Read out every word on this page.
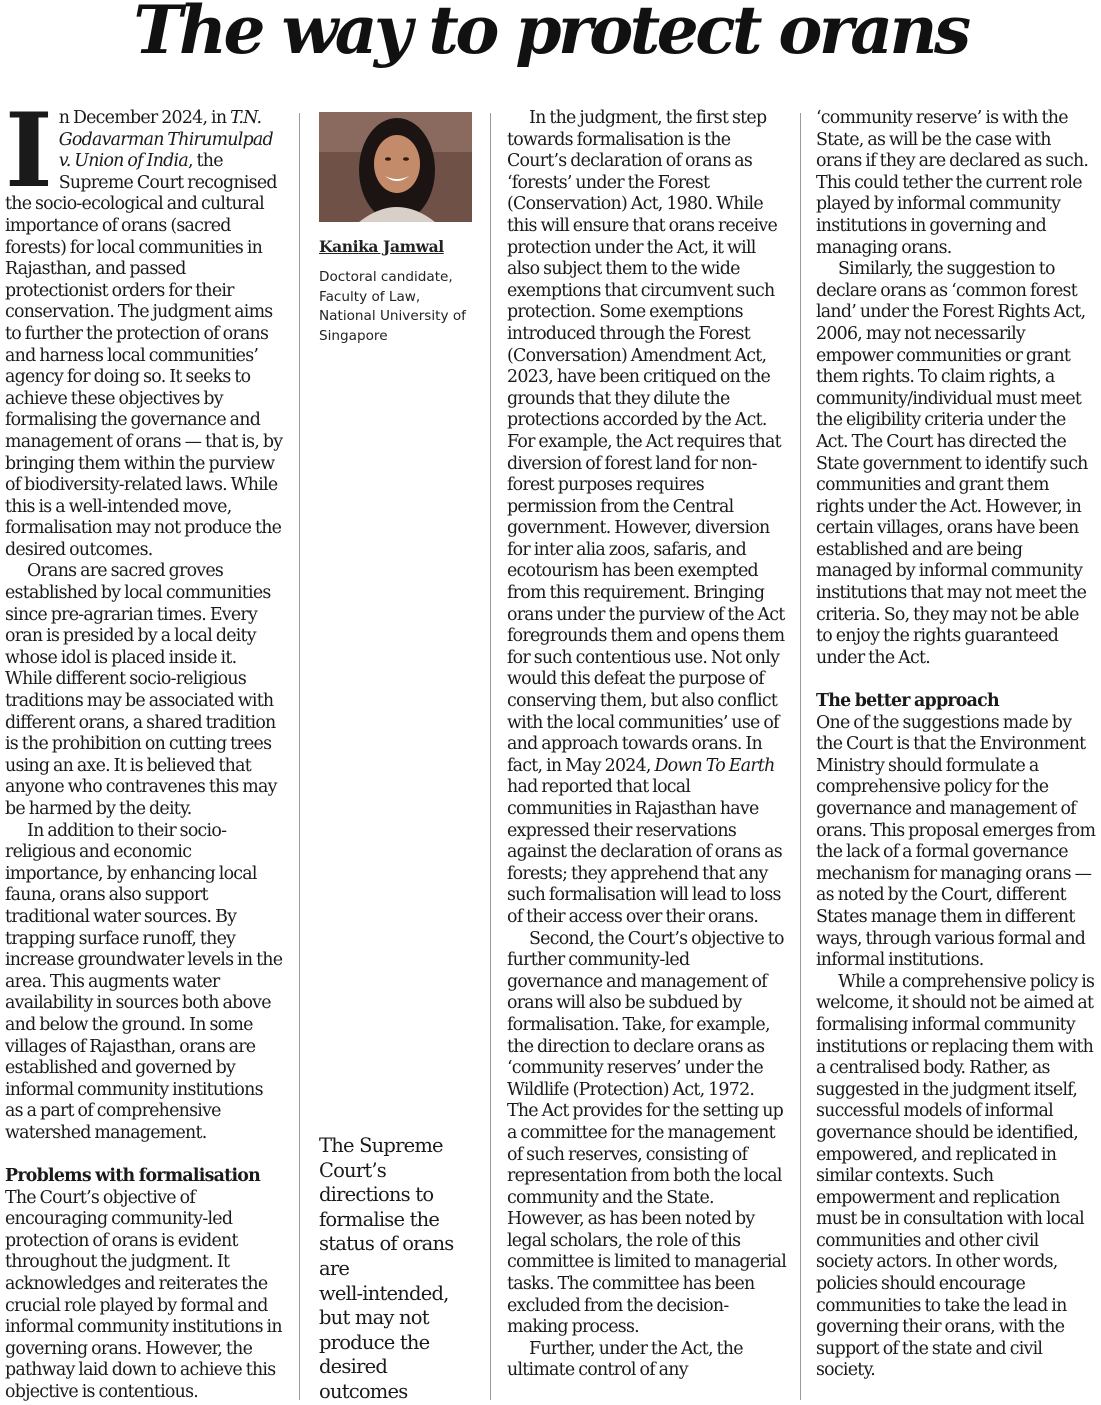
The way to protect orans

In December 2024, in T.N. Godavarman Thirumulpad v. Union of India, the Supreme Court recognised the socio-ecological and cultural importance of orans (sacred forests) for local communities in Rajasthan, and passed protectionist orders for their conservation. The judgment aims to further the protection of orans and harness local communities’ agency for doing so. It seeks to achieve these objectives by formalising the governance and management of orans — that is, by bringing them within the purview of biodiversity-related laws. While this is a well-intended move, formalisation may not produce the desired outcomes.

Orans are sacred groves established by local communities since pre-agrarian times. Every oran is presided by a local deity whose idol is placed inside it. While different socio-religious traditions may be associated with different orans, a shared tradition is the prohibition on cutting trees using an axe. It is believed that anyone who contravenes this may be harmed by the deity.

In addition to their socio-religious and economic importance, by enhancing local fauna, orans also support traditional water sources. By trapping surface runoff, they increase groundwater levels in the area. This augments water availability in sources both above and below the ground. In some villages of Rajasthan, orans are established and governed by informal community institutions as a part of comprehensive watershed management.

Problems with formalisation

The Court’s objective of encouraging community-led protection of orans is evident throughout the judgment. It acknowledges and reiterates the crucial role played by formal and informal community institutions in governing orans. However, the pathway laid down to achieve this objective is contentious.

Kanika Jamwal
Doctoral candidate,
Faculty of Law,
National University of
Singapore
The Supreme
Court’s
directions to
formalise the
status of orans
are
well-intended,
but may not
produce the
desired
outcomes

In the judgment, the first step towards formalisation is the Court’s declaration of orans as ‘forests’ under the Forest (Conservation) Act, 1980. While this will ensure that orans receive protection under the Act, it will also subject them to the wide exemptions that circumvent such protection. Some exemptions introduced through the Forest (Conversation) Amendment Act, 2023, have been critiqued on the grounds that they dilute the protections accorded by the Act. For example, the Act requires that diversion of forest land for non-forest purposes requires permission from the Central government. However, diversion for inter alia zoos, safaris, and ecotourism has been exempted from this requirement. Bringing orans under the purview of the Act foregrounds them and opens them for such contentious use. Not only would this defeat the purpose of conserving them, but also conflict with the local communities’ use of and approach towards orans. In fact, in May 2024, Down To Earth had reported that local communities in Rajasthan have expressed their reservations against the declaration of orans as forests; they apprehend that any such formalisation will lead to loss of their access over their orans.

Second, the Court’s objective to further community-led governance and management of orans will also be subdued by formalisation. Take, for example, the direction to declare orans as ‘community reserves’ under the Wildlife (Protection) Act, 1972. The Act provides for the setting up a committee for the management of such reserves, consisting of representation from both the local community and the State. However, as has been noted by legal scholars, the role of this committee is limited to managerial tasks. The committee has been excluded from the decision-making process.

Further, under the Act, the ultimate control of any

‘community reserve’ is with the State, as will be the case with orans if they are declared as such. This could tether the current role played by informal community institutions in governing and managing orans.

Similarly, the suggestion to declare orans as ‘common forest land’ under the Forest Rights Act, 2006, may not necessarily empower communities or grant them rights. To claim rights, a community/individual must meet the eligibility criteria under the Act. The Court has directed the State government to identify such communities and grant them rights under the Act. However, in certain villages, orans have been established and are being managed by informal community institutions that may not meet the criteria. So, they may not be able to enjoy the rights guaranteed under the Act.

The better approach

One of the suggestions made by the Court is that the Environment Ministry should formulate a comprehensive policy for the governance and management of orans. This proposal emerges from the lack of a formal governance mechanism for managing orans — as noted by the Court, different States manage them in different ways, through various formal and informal institutions.

While a comprehensive policy is welcome, it should not be aimed at formalising informal community institutions or replacing them with a centralised body. Rather, as suggested in the judgment itself, successful models of informal governance should be identified, empowered, and replicated in similar contexts. Such empowerment and replication must be in consultation with local communities and other civil society actors. In other words, policies should encourage communities to take the lead in governing their orans, with the support of the state and civil society.
